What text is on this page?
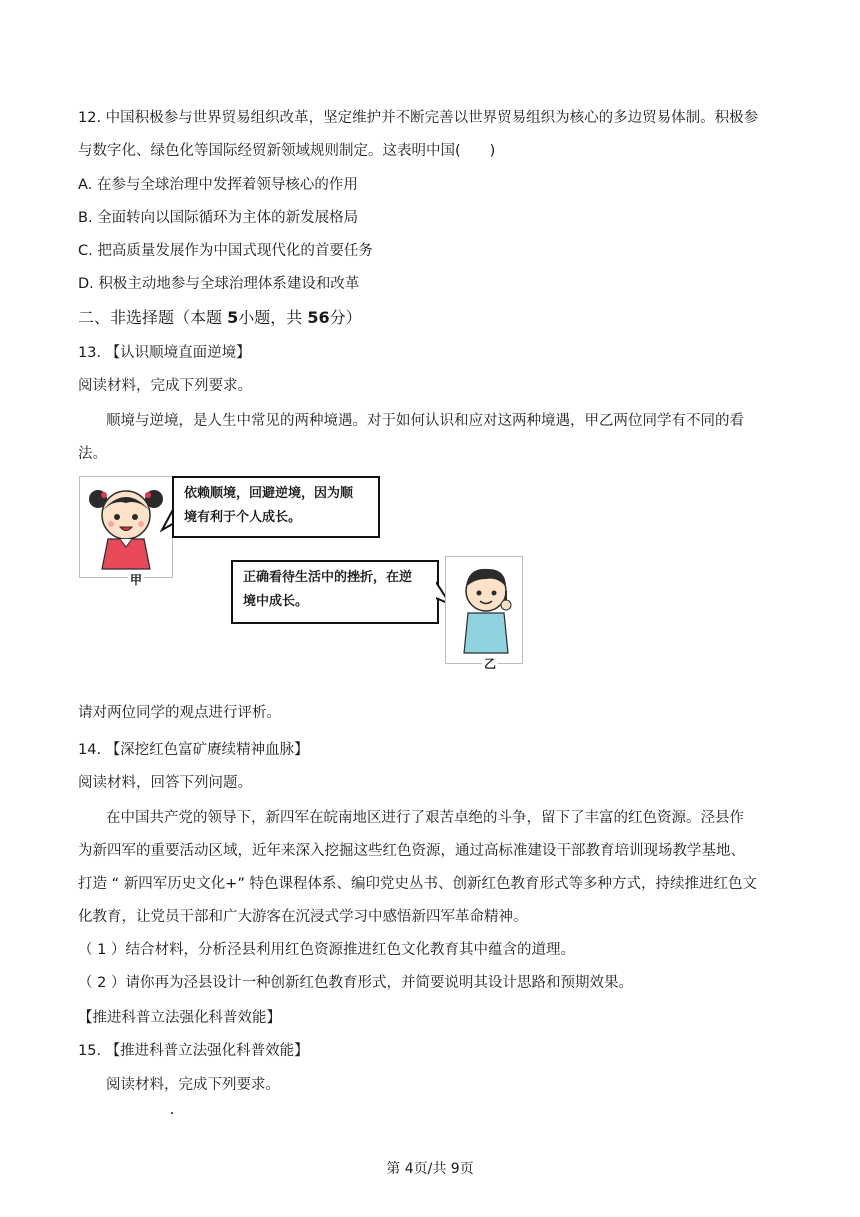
12. 中国积极参与世界贸易组织改革，坚定维护并不断完善以世界贸易组织为核心的多边贸易体制。积极参
与数字化、绿色化等国际经贸新领域规则制定。这表明中国(　　)
A. 在参与全球治理中发挥着领导核心的作用
B. 全面转向以国际循环为主体的新发展格局
C. 把高质量发展作为中国式现代化的首要任务
D. 积极主动地参与全球治理体系建设和改革
二、非选择题（本题 5小题，共 56分）
13. 【认识顺境直面逆境】
阅读材料，完成下列要求。
顺境与逆境，是人生中常见的两种境遇。对于如何认识和应对这两种境遇，甲乙两位同学有不同的看
法。
甲
依赖顺境，回避逆境，因为顺
境有利于个人成长。
正确看待生活中的挫折，在逆
境中成长。
乙
请对两位同学的观点进行评析。
14. 【深挖红色富矿赓续精神血脉】
阅读材料，回答下列问题。
在中国共产党的领导下，新四军在皖南地区进行了艰苦卓绝的斗争，留下了丰富的红色资源。泾县作
为新四军的重要活动区域，近年来深入挖掘这些红色资源，通过高标准建设干部教育培训现场教学基地、
打造 “ 新四军历史文化+” 特色课程体系、编印党史丛书、创新红色教育形式等多种方式，持续推进红色文
化教育，让党员干部和广大游客在沉浸式学习中感悟新四军革命精神。
（ 1 ）结合材料，分析泾县利用红色资源推进红色文化教育其中蕴含的道理。
（ 2 ）请你再为泾县设计一种创新红色教育形式，并简要说明其设计思路和预期效果。
【推进科普立法强化科普效能】
15. 【推进科普立法强化科普效能】
阅读材料，完成下列要求。
第 4页/共 9页
